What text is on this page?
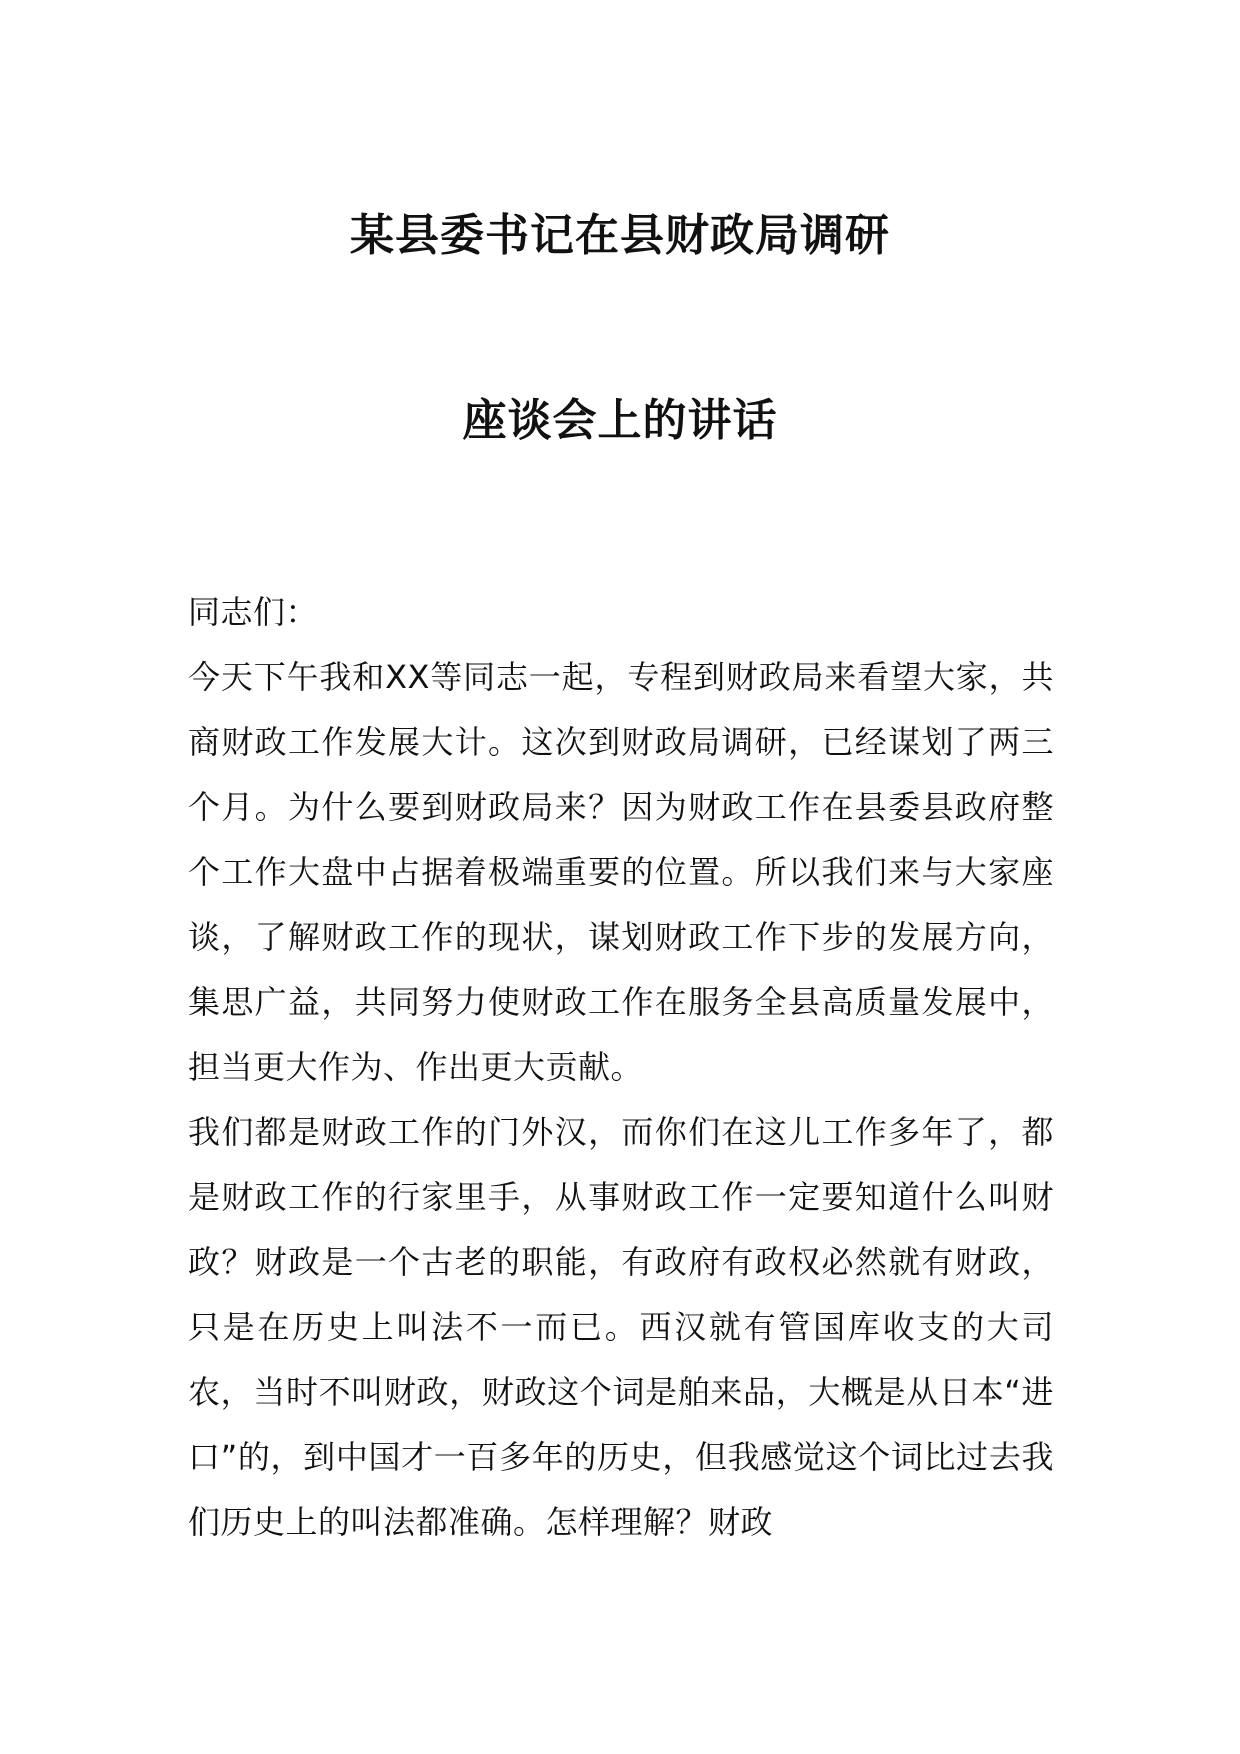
某县委书记在县财政局调研
座谈会上的讲话

同志们：

今天下午我和XX等同志一起，专程到财政局来看望大家，共商财政工作发展大计。这次到财政局调研，已经谋划了两三个月。为什么要到财政局来？因为财政工作在县委县政府整个工作大盘中占据着极端重要的位置。所以我们来与大家座谈，了解财政工作的现状，谋划财政工作下步的发展方向，集思广益，共同努力使财政工作在服务全县高质量发展中，担当更大作为、作出更大贡献。

我们都是财政工作的门外汉，而你们在这儿工作多年了，都是财政工作的行家里手，从事财政工作一定要知道什么叫财政？财政是一个古老的职能，有政府有政权必然就有财政，只是在历史上叫法不一而已。西汉就有管国库收支的大司农，当时不叫财政，财政这个词是舶来品，大概是从日本“进口”的，到中国才一百多年的历史，但我感觉这个词比过去我们历史上的叫法都准确。怎样理解？财政
